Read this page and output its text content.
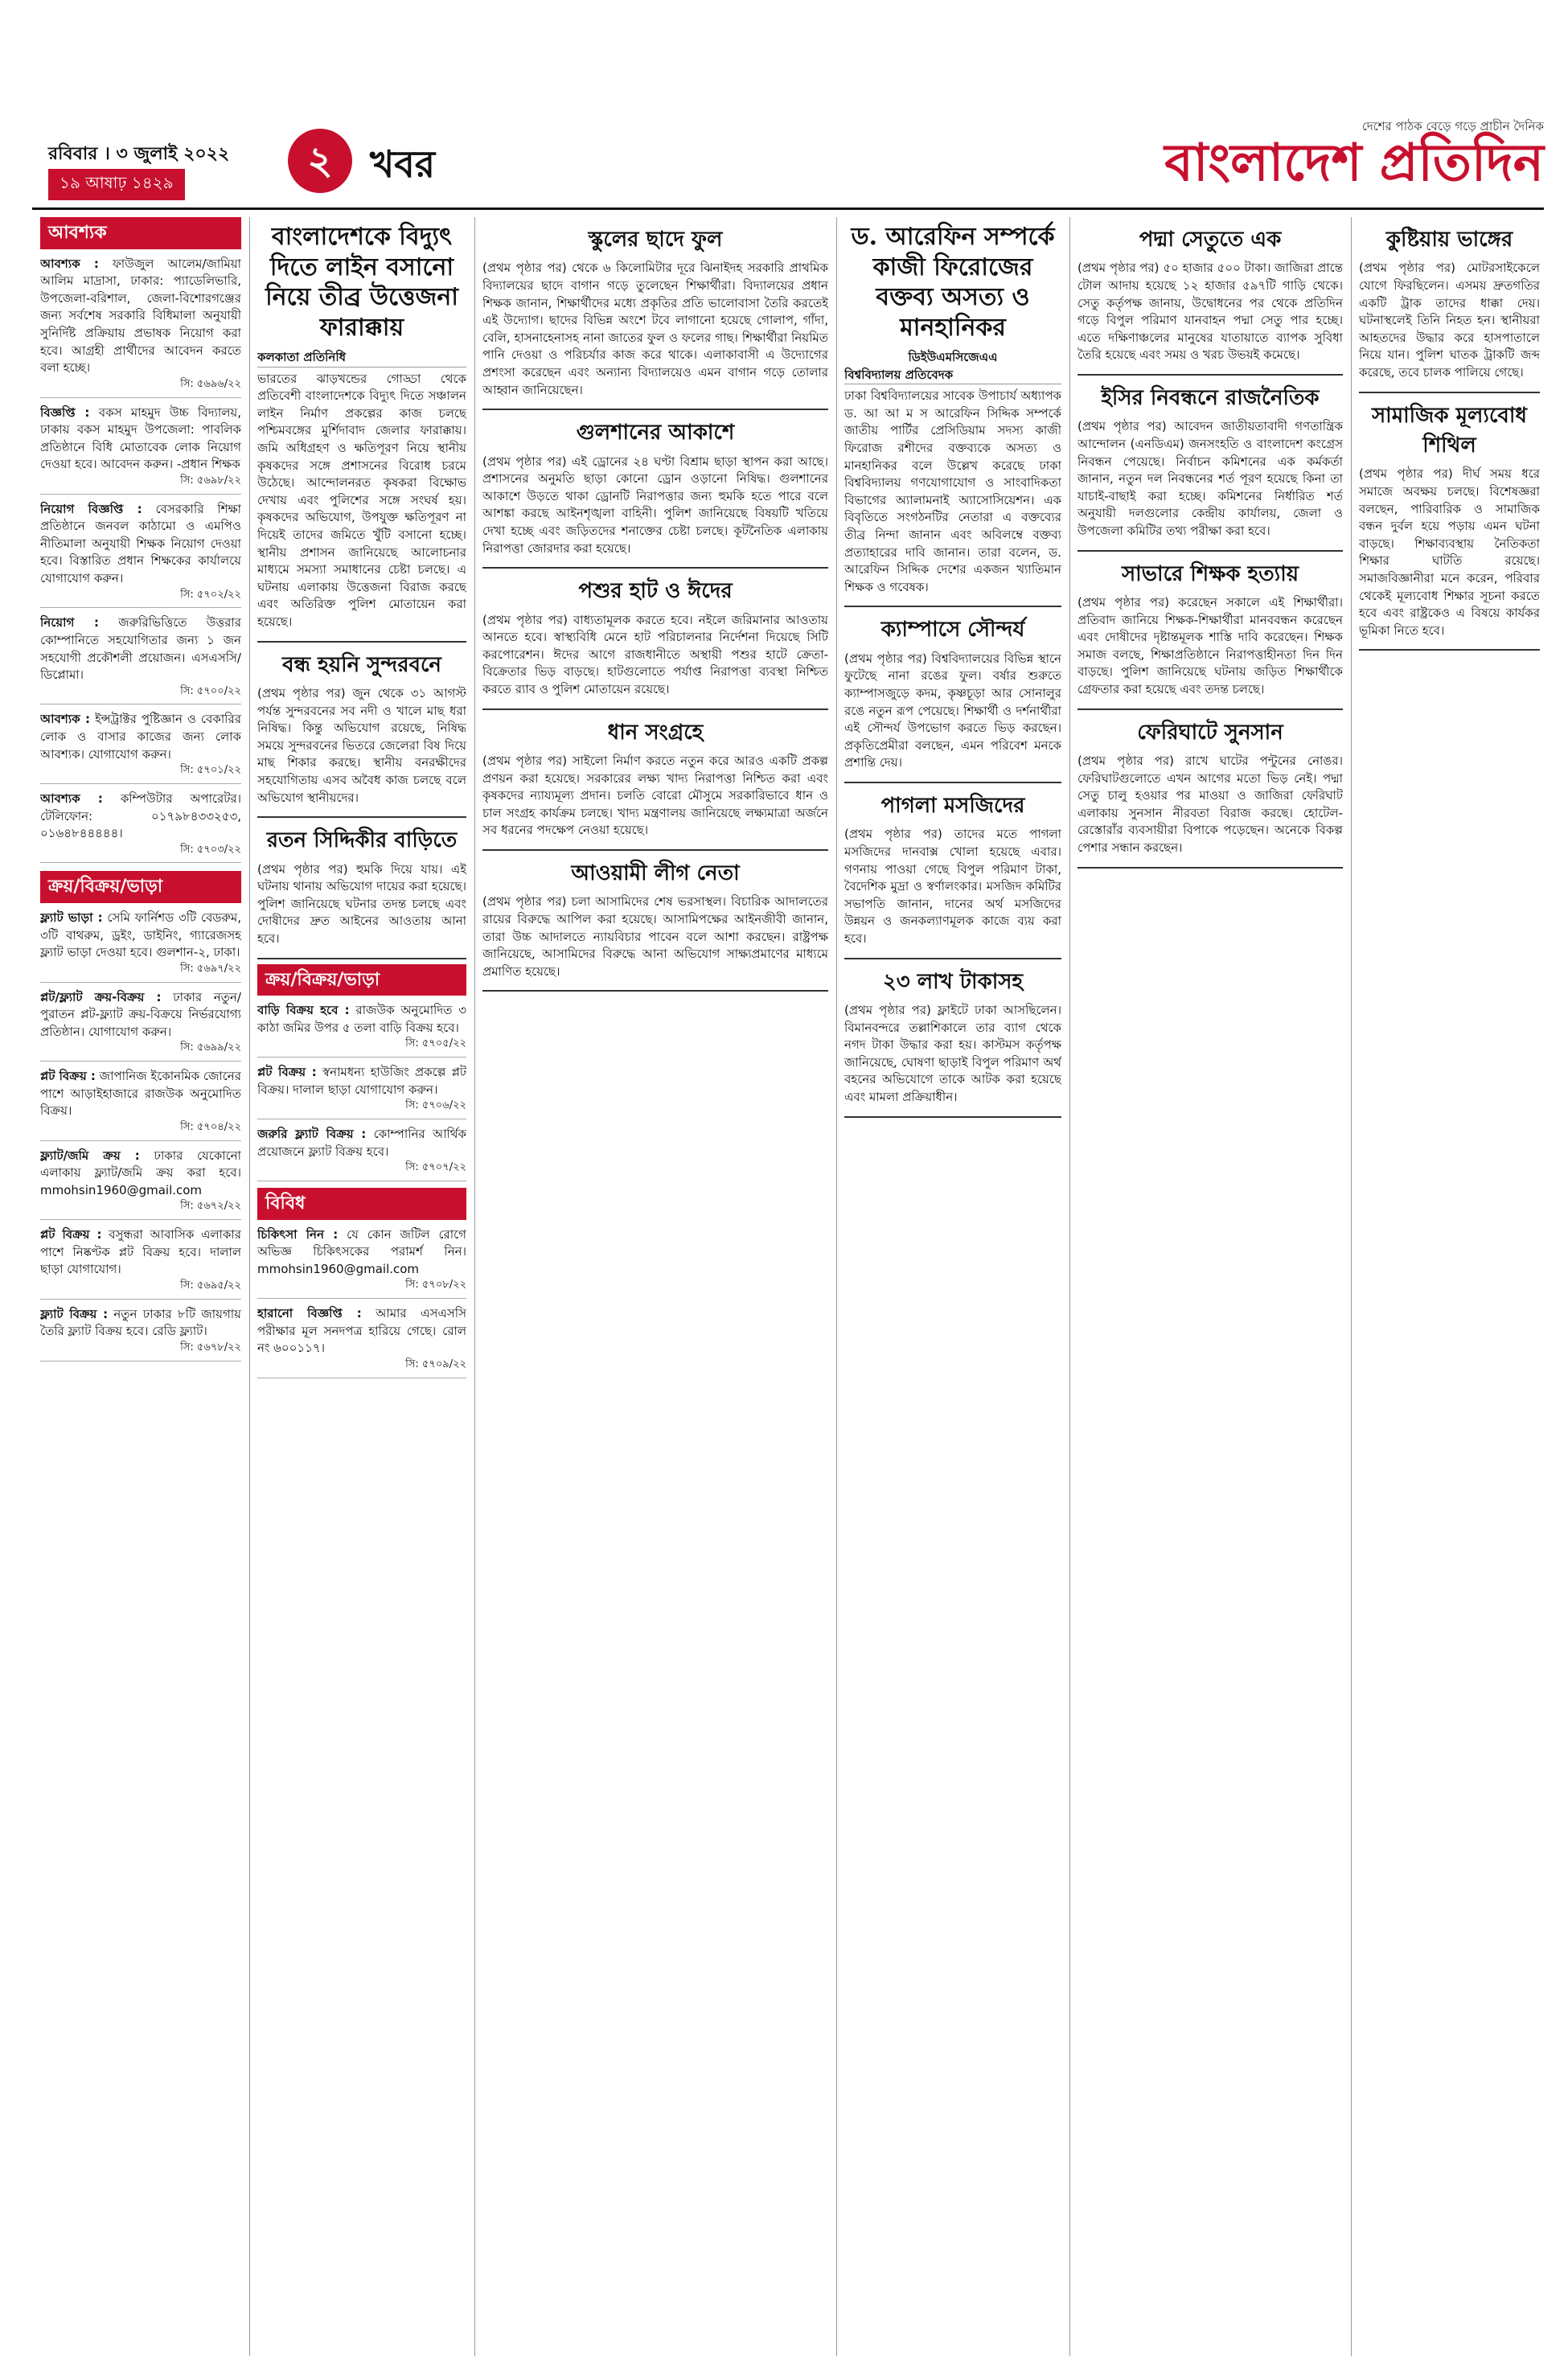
রবিবার । ৩ জুলাই ২০২২
১৯ আষাঢ় ১৪২৯	২	খবর
দেশের পাঠক বেড়ে গড়ে প্রাচীন দৈনিক
বাংলাদেশ প্রতিদিন
আবশ্যক
আবশ্যক : ফাউজুল আলেম/জামিয়া আলিম মাদ্রাসা, ঢাকার: প্যাডেলিভারি, উপজেলা-বরিশাল, জেলা-বিশোরগঞ্জের জন্য সর্বশেষ সরকারি বিধিমালা অনুযায়ী সুনির্দিষ্ট প্রক্রিয়ায় প্রভাষক নিয়োগ করা হবে। আগ্রহী প্রার্থীদের আবেদন করতে বলা হচ্ছে।
সি: ৫৬৯৬/২২
বিজ্ঞপ্তি : বকস মাহমুদ উচ্চ বিদ্যালয়, ঢাকায় বকস মাহমুদ উপজেলা: পাবলিক প্রতিষ্ঠানে বিধি মোতাবেক লোক নিয়োগ দেওয়া হবে। আবেদন করুন। -প্রধান শিক্ষক
সি: ৫৬৯৮/২২
নিয়োগ বিজ্ঞপ্তি : বেসরকারি শিক্ষা প্রতিষ্ঠানে জনবল কাঠামো ও এমপিও নীতিমালা অনুযায়ী শিক্ষক নিয়োগ দেওয়া হবে। বিস্তারিত প্রধান শিক্ষকের কার্যালয়ে যোগাযোগ করুন।
সি: ৫৭০২/২২
নিয়োগ : জরুরিভিত্তিতে উত্তরার কোম্পানিতে সহযোগিতার জন্য ১ জন সহযোগী প্রকৌশলী প্রয়োজন। এসএসসি/ডিপ্লোমা।
সি: ৫৭০০/২২
আবশ্যক : ইন্সট্রাক্টর পুষ্টিজ্ঞান ও বেকারির লোক ও বাসার কাজের জন্য লোক আবশ্যক। যোগাযোগ করুন।
সি: ৫৭০১/২২
আবশ্যক : কম্পিউটার অপারেটর। টেলিফোন: ০১৭৯৮৪৩৩২৫৩, ০১৬৪৮৪৪৪৪৪।
সি: ৫৭০৩/২২
ক্রয়/বিক্রয়/ভাড়া
ফ্ল্যাট ভাড়া : সেমি ফার্নিশড ৩টি বেডরুম, ৩টি বাথরুম, ড্রইং, ডাইনিং, গ্যারেজসহ ফ্ল্যাট ভাড়া দেওয়া হবে। গুলশান-২, ঢাকা।
সি: ৫৬৯৭/২২
প্লট/ফ্ল্যাট ক্রয়-বিক্রয় : ঢাকার নতুন/পুরাতন প্লট-ফ্ল্যাট ক্রয়-বিক্রয়ে নির্ভরযোগ্য প্রতিষ্ঠান। যোগাযোগ করুন।
সি: ৫৬৯৯/২২
প্লট বিক্রয় : জাপানিজ ইকোনমিক জোনের পাশে আড়াইহাজারে রাজউক অনুমোদিত বিক্রয়।
সি: ৫৭০৪/২২
ফ্ল্যাট/জমি ক্রয় : ঢাকার যেকোনো এলাকায় ফ্ল্যাট/জমি ক্রয় করা হবে। mmohsin1960@gmail.com
সি: ৫৬৭২/২২
প্লট বিক্রয় : বসুন্ধরা আবাসিক এলাকার পাশে নিষ্কণ্টক প্লট বিক্রয় হবে। দালাল ছাড়া যোগাযোগ।
সি: ৫৬৯৫/২২
ফ্ল্যাট বিক্রয় : নতুন ঢাকার ৮টি জায়গায় তৈরি ফ্ল্যাট বিক্রয় হবে। রেডি ফ্ল্যাট।
সি: ৫৬৭৮/২২
বাংলাদেশকে বিদ্যুৎ দিতে লাইন বসানো নিয়ে তীব্র উত্তেজনা ফারাক্কায়
কলকাতা প্রতিনিধি

ভারতের ঝাড়খন্ডের গোড্ডা থেকে প্রতিবেশী বাংলাদেশকে বিদ্যুৎ দিতে সঞ্চালন লাইন নির্মাণ প্রকল্পের কাজ চলছে পশ্চিমবঙ্গের মুর্শিদাবাদ জেলার ফারাক্কায়। জমি অধিগ্রহণ ও ক্ষতিপূরণ নিয়ে স্থানীয় কৃষকদের সঙ্গে প্রশাসনের বিরোধ চরমে উঠেছে। আন্দোলনরত কৃষকরা বিক্ষোভ দেখায় এবং পুলিশের সঙ্গে সংঘর্ষ হয়। কৃষকদের অভিযোগ, উপযুক্ত ক্ষতিপূরণ না দিয়েই তাদের জমিতে খুঁটি বসানো হচ্ছে। স্থানীয় প্রশাসন জানিয়েছে আলোচনার মাধ্যমে সমস্যা সমাধানের চেষ্টা চলছে। এ ঘটনায় এলাকায় উত্তেজনা বিরাজ করছে এবং অতিরিক্ত পুলিশ মোতায়েন করা হয়েছে।

বন্ধ হয়নি সুন্দরবনে

(প্রথম পৃষ্ঠার পর) জুন থেকে ৩১ আগস্ট পর্যন্ত সুন্দরবনের সব নদী ও খালে মাছ ধরা নিষিদ্ধ। কিন্তু অভিযোগ রয়েছে, নিষিদ্ধ সময়ে সুন্দরবনের ভিতরে জেলেরা বিষ দিয়ে মাছ শিকার করছে। স্থানীয় বনরক্ষীদের সহযোগিতায় এসব অবৈধ কাজ চলছে বলে অভিযোগ স্থানীয়দের।

রতন সিদ্দিকীর বাড়িতে

(প্রথম পৃষ্ঠার পর) হুমকি দিয়ে যায়। এই ঘটনায় থানায় অভিযোগ দায়ের করা হয়েছে। পুলিশ জানিয়েছে ঘটনার তদন্ত চলছে এবং দোষীদের দ্রুত আইনের আওতায় আনা হবে।

ক্রয়/বিক্রয়/ভাড়া
বাড়ি বিক্রয় হবে : রাজউক অনুমোদিত ৩ কাঠা জমির উপর ৫ তলা বাড়ি বিক্রয় হবে।
সি: ৫৭০৫/২২
প্লট বিক্রয় : স্বনামধন্য হাউজিং প্রকল্পে প্লট বিক্রয়। দালাল ছাড়া যোগাযোগ করুন।
সি: ৫৭০৬/২২
জরুরি ফ্ল্যাট বিক্রয় : কোম্পানির আর্থিক প্রয়োজনে ফ্ল্যাট বিক্রয় হবে।
সি: ৫৭০৭/২২
বিবিধ
চিকিৎসা নিন : যে কোন জটিল রোগে অভিজ্ঞ চিকিৎসকের পরামর্শ নিন। mmohsin1960@gmail.com
সি: ৫৭০৮/২২
হারানো বিজ্ঞপ্তি : আমার এসএসসি পরীক্ষার মূল সনদপত্র হারিয়ে গেছে। রোল নং ৬০০১১৭।
সি: ৫৭০৯/২২
স্কুলের ছাদে ফুল

(প্রথম পৃষ্ঠার পর) থেকে ৬ কিলোমিটার দূরে ঝিনাইদহ সরকারি প্রাথমিক বিদ্যালয়ের ছাদে বাগান গড়ে তুলেছেন শিক্ষার্থীরা। বিদ্যালয়ের প্রধান শিক্ষক জানান, শিক্ষার্থীদের মধ্যে প্রকৃতির প্রতি ভালোবাসা তৈরি করতেই এই উদ্যোগ। ছাদের বিভিন্ন অংশে টবে লাগানো হয়েছে গোলাপ, গাঁদা, বেলি, হাসনাহেনাসহ নানা জাতের ফুল ও ফলের গাছ। শিক্ষার্থীরা নিয়মিত পানি দেওয়া ও পরিচর্যার কাজ করে থাকে। এলাকাবাসী এ উদ্যোগের প্রশংসা করেছেন এবং অন্যান্য বিদ্যালয়েও এমন বাগান গড়ে তোলার আহ্বান জানিয়েছেন।

গুলশানের আকাশে

(প্রথম পৃষ্ঠার পর) এই ড্রোনের ২৪ ঘণ্টা বিশ্রাম ছাড়া স্থাপন করা আছে। প্রশাসনের অনুমতি ছাড়া কোনো ড্রোন ওড়ানো নিষিদ্ধ। গুলশানের আকাশে উড়তে থাকা ড্রোনটি নিরাপত্তার জন্য হুমকি হতে পারে বলে আশঙ্কা করছে আইনশৃঙ্খলা বাহিনী। পুলিশ জানিয়েছে বিষয়টি খতিয়ে দেখা হচ্ছে এবং জড়িতদের শনাক্তের চেষ্টা চলছে। কূটনৈতিক এলাকায় নিরাপত্তা জোরদার করা হয়েছে।

পশুর হাট ও ঈদের

(প্রথম পৃষ্ঠার পর) বাধ্যতামূলক করতে হবে। নইলে জরিমানার আওতায় আনতে হবে। স্বাস্থ্যবিধি মেনে হাট পরিচালনার নির্দেশনা দিয়েছে সিটি করপোরেশন। ঈদের আগে রাজধানীতে অস্থায়ী পশুর হাটে ক্রেতা-বিক্রেতার ভিড় বাড়ছে। হাটগুলোতে পর্যাপ্ত নিরাপত্তা ব্যবস্থা নিশ্চিত করতে র‍্যাব ও পুলিশ মোতায়েন রয়েছে।

ধান সংগ্রহে

(প্রথম পৃষ্ঠার পর) সাইলো নির্মাণ করতে নতুন করে আরও একটি প্রকল্প প্রণয়ন করা হয়েছে। সরকারের লক্ষ্য খাদ্য নিরাপত্তা নিশ্চিত করা এবং কৃষকদের ন্যায্যমূল্য প্রদান। চলতি বোরো মৌসুমে সরকারিভাবে ধান ও চাল সংগ্রহ কার্যক্রম চলছে। খাদ্য মন্ত্রণালয় জানিয়েছে লক্ষ্যমাত্রা অর্জনে সব ধরনের পদক্ষেপ নেওয়া হয়েছে।

আওয়ামী লীগ নেতা

(প্রথম পৃষ্ঠার পর) চলা আসামিদের শেষ ভরসাস্থল। বিচারিক আদালতের রায়ের বিরুদ্ধে আপিল করা হয়েছে। আসামিপক্ষের আইনজীবী জানান, তারা উচ্চ আদালতে ন্যায়বিচার পাবেন বলে আশা করছেন। রাষ্ট্রপক্ষ জানিয়েছে, আসামিদের বিরুদ্ধে আনা অভিযোগ সাক্ষ্যপ্রমাণের মাধ্যমে প্রমাণিত হয়েছে।

ড. আরেফিন সম্পর্কে কাজী ফিরোজের বক্তব্য অসত্য ও মানহানিকর
ডিইউএমসিজেএএ
বিশ্ববিদ্যালয় প্রতিবেদক

ঢাকা বিশ্ববিদ্যালয়ের সাবেক উপাচার্য অধ্যাপক ড. আ আ ম স আরেফিন সিদ্দিক সম্পর্কে জাতীয় পার্টির প্রেসিডিয়াম সদস্য কাজী ফিরোজ রশীদের বক্তব্যকে অসত্য ও মানহানিকর বলে উল্লেখ করেছে ঢাকা বিশ্ববিদ্যালয় গণযোগাযোগ ও সাংবাদিকতা বিভাগের অ্যালামনাই অ্যাসোসিয়েশন। এক বিবৃতিতে সংগঠনটির নেতারা এ বক্তব্যের তীব্র নিন্দা জানান এবং অবিলম্বে বক্তব্য প্রত্যাহারের দাবি জানান। তারা বলেন, ড. আরেফিন সিদ্দিক দেশের একজন খ্যাতিমান শিক্ষক ও গবেষক।

ক্যাম্পাসে সৌন্দর্য

(প্রথম পৃষ্ঠার পর) বিশ্ববিদ্যালয়ের বিভিন্ন স্থানে ফুটেছে নানা রঙের ফুল। বর্ষার শুরুতে ক্যাম্পাসজুড়ে কদম, কৃষ্ণচূড়া আর সোনালুর রঙে নতুন রূপ পেয়েছে। শিক্ষার্থী ও দর্শনার্থীরা এই সৌন্দর্য উপভোগ করতে ভিড় করছেন। প্রকৃতিপ্রেমীরা বলছেন, এমন পরিবেশ মনকে প্রশান্তি দেয়।

পাগলা মসজিদের

(প্রথম পৃষ্ঠার পর) তাদের মতে পাগলা মসজিদের দানবাক্স খোলা হয়েছে এবার। গণনায় পাওয়া গেছে বিপুল পরিমাণ টাকা, বৈদেশিক মুদ্রা ও স্বর্ণালংকার। মসজিদ কমিটির সভাপতি জানান, দানের অর্থ মসজিদের উন্নয়ন ও জনকল্যাণমূলক কাজে ব্যয় করা হবে।

২৩ লাখ টাকাসহ

(প্রথম পৃষ্ঠার পর) ফ্লাইটে ঢাকা আসছিলেন। বিমানবন্দরে তল্লাশিকালে তার ব্যাগ থেকে নগদ টাকা উদ্ধার করা হয়। কাস্টমস কর্তৃপক্ষ জানিয়েছে, ঘোষণা ছাড়াই বিপুল পরিমাণ অর্থ বহনের অভিযোগে তাকে আটক করা হয়েছে এবং মামলা প্রক্রিয়াধীন।

পদ্মা সেতুতে এক

(প্রথম পৃষ্ঠার পর) ৫০ হাজার ৫০০ টাকা। জাজিরা প্রান্তে টোল আদায় হয়েছে ১২ হাজার ৫৯৭টি গাড়ি থেকে। সেতু কর্তৃপক্ষ জানায়, উদ্বোধনের পর থেকে প্রতিদিন গড়ে বিপুল পরিমাণ যানবাহন পদ্মা সেতু পার হচ্ছে। এতে দক্ষিণাঞ্চলের মানুষের যাতায়াতে ব্যাপক সুবিধা তৈরি হয়েছে এবং সময় ও খরচ উভয়ই কমেছে।

ইসির নিবন্ধনে রাজনৈতিক

(প্রথম পৃষ্ঠার পর) আবেদন জাতীয়তাবাদী গণতান্ত্রিক আন্দোলন (এনডিএম) জনসংহতি ও বাংলাদেশ কংগ্রেস নিবন্ধন পেয়েছে। নির্বাচন কমিশনের এক কর্মকর্তা জানান, নতুন দল নিবন্ধনের শর্ত পূরণ হয়েছে কিনা তা যাচাই-বাছাই করা হচ্ছে। কমিশনের নির্ধারিত শর্ত অনুযায়ী দলগুলোর কেন্দ্রীয় কার্যালয়, জেলা ও উপজেলা কমিটির তথ্য পরীক্ষা করা হবে।

সাভারে শিক্ষক হত্যায়

(প্রথম পৃষ্ঠার পর) করেছেন সকালে এই শিক্ষার্থীরা। প্রতিবাদ জানিয়ে শিক্ষক-শিক্ষার্থীরা মানববন্ধন করেছেন এবং দোষীদের দৃষ্টান্তমূলক শাস্তি দাবি করেছেন। শিক্ষক সমাজ বলছে, শিক্ষাপ্রতিষ্ঠানে নিরাপত্তাহীনতা দিন দিন বাড়ছে। পুলিশ জানিয়েছে ঘটনায় জড়িত শিক্ষার্থীকে গ্রেফতার করা হয়েছে এবং তদন্ত চলছে।

ফেরিঘাটে সুনসান

(প্রথম পৃষ্ঠার পর) রাখে ঘাটের পন্টুনের নোঙর। ফেরিঘাটগুলোতে এখন আগের মতো ভিড় নেই। পদ্মা সেতু চালু হওয়ার পর মাওয়া ও জাজিরা ফেরিঘাট এলাকায় সুনসান নীরবতা বিরাজ করছে। হোটেল-রেস্তোরাঁর ব্যবসায়ীরা বিপাকে পড়েছেন। অনেকে বিকল্প পেশার সন্ধান করছেন।

কুষ্টিয়ায় ভাঙ্গের

(প্রথম পৃষ্ঠার পর) মোটরসাইকেলে যোগে ফিরছিলেন। এসময় দ্রুতগতির একটি ট্রাক তাদের ধাক্কা দেয়। ঘটনাস্থলেই তিনি নিহত হন। স্থানীয়রা আহতদের উদ্ধার করে হাসপাতালে নিয়ে যান। পুলিশ ঘাতক ট্রাকটি জব্দ করেছে, তবে চালক পালিয়ে গেছে।

সামাজিক মূল্যবোধ শিথিল

(প্রথম পৃষ্ঠার পর) দীর্ঘ সময় ধরে সমাজে অবক্ষয় চলছে। বিশেষজ্ঞরা বলছেন, পারিবারিক ও সামাজিক বন্ধন দুর্বল হয়ে পড়ায় এমন ঘটনা বাড়ছে। শিক্ষাব্যবস্থায় নৈতিকতা শিক্ষার ঘাটতি রয়েছে। সমাজবিজ্ঞানীরা মনে করেন, পরিবার থেকেই মূল্যবোধ শিক্ষার সূচনা করতে হবে এবং রাষ্ট্রকেও এ বিষয়ে কার্যকর ভূমিকা নিতে হবে।
